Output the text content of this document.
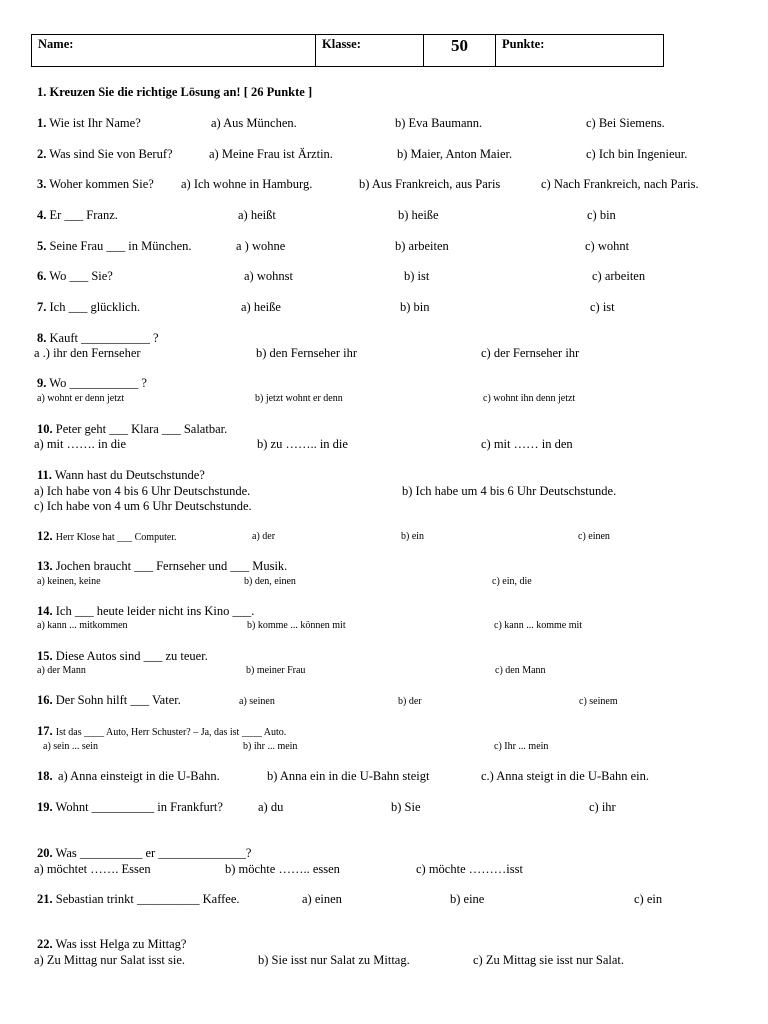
Name:	Klasse:	50	Punkte:
1. Kreuzen Sie die richtige Lösung an! [ 26 Punkte ]
1. Wie ist Ihr Name?	a) Aus München.	b) Eva Baumann.	c) Bei Siemens.
2. Was sind Sie von Beruf?	a) Meine Frau ist Ärztin.	b) Maier, Anton Maier.	c) Ich bin Ingenieur.
3. Woher kommen Sie? a) Ich wohne in Hamburg.	b) Aus Frankreich, aus Paris	c) Nach Frankreich, nach Paris.
4. Er ___ Franz.	a) heißt	b) heiße	c) bin
5. Seine Frau ___ in München.	a ) wohne	b) arbeiten	c) wohnt
6. Wo ___ Sie?	a) wohnst	b) ist	c) arbeiten
7. Ich ___ glücklich.	a) heiße	b) bin	c) ist
8. Kauft ___________ ?
a .) ihr den Fernseher	b) den Fernseher ihr	c) der Fernseher ihr
9. Wo ___________ ?
a) wohnt er denn jetzt	b) jetzt wohnt er denn	c) wohnt ihn denn jetzt
10. Peter geht ___ Klara ___ Salatbar.
a) mit ……. in die	b) zu …….. in die	c) mit …… in den
11. Wann hast du Deutschstunde?
a) Ich habe von 4 bis 6 Uhr Deutschstunde.	b) Ich habe um 4 bis 6 Uhr Deutschstunde.
c) Ich habe von 4 um 6 Uhr Deutschstunde.
12. Herr Klose hat ___ Computer.	a) der	b) ein	c) einen
13. Jochen braucht ___ Fernseher und ___ Musik.
a) keinen, keine	b) den, einen	c) ein, die
14. Ich ___ heute leider nicht ins Kino ___.
a) kann ... mitkommen	b) komme ... können mit	c) kann ... komme mit
15. Diese Autos sind ___ zu teuer.
a) der Mann	b) meiner Frau	c) den Mann
16. Der Sohn hilft ___ Vater.	a) seinen	b) der	c) seinem
17. Ist das ____ Auto, Herr Schuster? – Ja, das ist ____ Auto.
a) sein ... sein	b) ihr ... mein	c) Ihr ... mein
18. a) Anna einsteigt in die U-Bahn.	b) Anna ein in die U-Bahn steigt	c.) Anna steigt in die U-Bahn ein.
19. Wohnt __________ in Frankfurt?	a) du	b) Sie	c) ihr
20. Was __________ er ______________?
a) möchtet ……. Essen	b) möchte …….. essen	c) möchte ………isst
21. Sebastian trinkt __________ Kaffee.	a) einen	b) eine	c) ein
22. Was isst Helga zu Mittag?
a) Zu Mittag nur Salat isst sie.	b) Sie isst nur Salat zu Mittag.	c) Zu Mittag sie isst nur Salat.
